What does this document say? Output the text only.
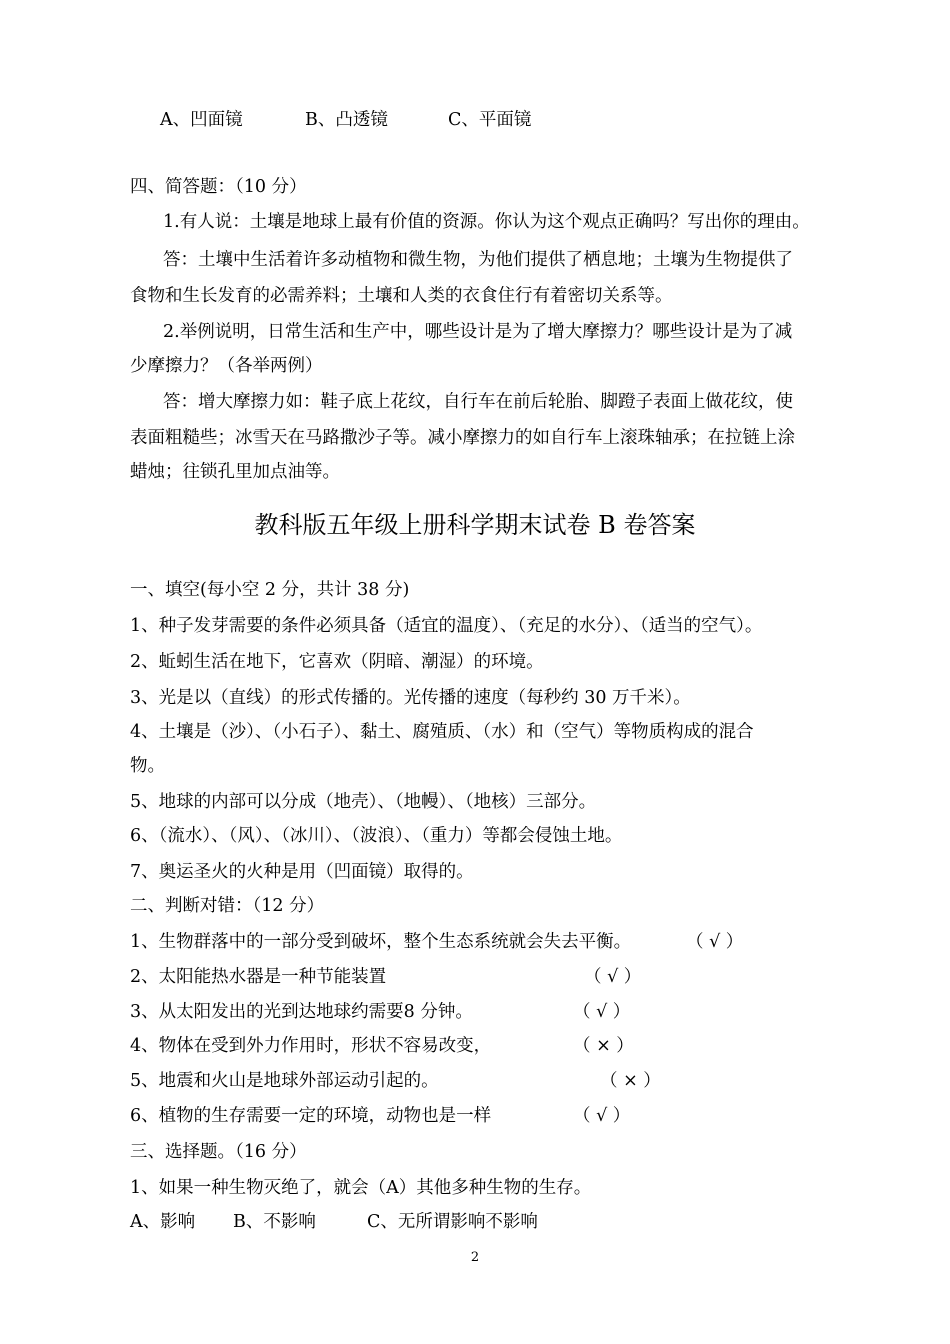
A、凹面镜	B、凸透镜	C、平面镜
四、简答题：（10 分）
1.有人说：土壤是地球上最有价值的资源。你认为这个观点正确吗？写出你的理由。
答：土壤中生活着许多动植物和微生物，为他们提供了栖息地；土壤为生物提供了
食物和生长发育的必需养料；土壤和人类的衣食住行有着密切关系等。
2.举例说明，日常生活和生产中，哪些设计是为了增大摩擦力？哪些设计是为了减
少摩擦力？（各举两例）
答：增大摩擦力如：鞋子底上花纹，自行车在前后轮胎、脚蹬子表面上做花纹，使
表面粗糙些；冰雪天在马路撒沙子等。减小摩擦力的如自行车上滚珠轴承；在拉链上涂
蜡烛；往锁孔里加点油等。
教科版五年级上册科学期末试卷 B 卷答案
一、填空(每小空 2 分，共计 38 分)
1、种子发芽需要的条件必须具备（适宜的温度）、（充足的水分）、（适当的空气）。
2、蚯蚓生活在地下，它喜欢（阴暗、潮湿）的环境。
3、光是以（直线）的形式传播的。光传播的速度（每秒约 30 万千米）。
4、土壤是（沙）、（小石子）、黏土、腐殖质、（水）和（空气）等物质构成的混合
物。
5、地球的内部可以分成（地壳）、（地幔）、（地核）三部分。
6、（流水）、（风）、（冰川）、（波浪）、（重力）等都会侵蚀土地。
7、奥运圣火的火种是用（凹面镜）取得的。
二、判断对错：（12 分）
1、生物群落中的一部分受到破坏，整个生态系统就会失去平衡。	（ √ ）
2、太阳能热水器是一种节能装置	（ √ ）
3、从太阳发出的光到达地球约需要8 分钟。	（ √ ）
4、物体在受到外力作用时，形状不容易改变，	（ × ）
5、地震和火山是地球外部运动引起的。	（ × ）
6、植物的生存需要一定的环境，动物也是一样	（ √ ）
三、选择题。（16 分）
1、如果一种生物灭绝了，就会（A）其他多种生物的生存。
A、影响 B、不影响	C、无所谓影响不影响
2
